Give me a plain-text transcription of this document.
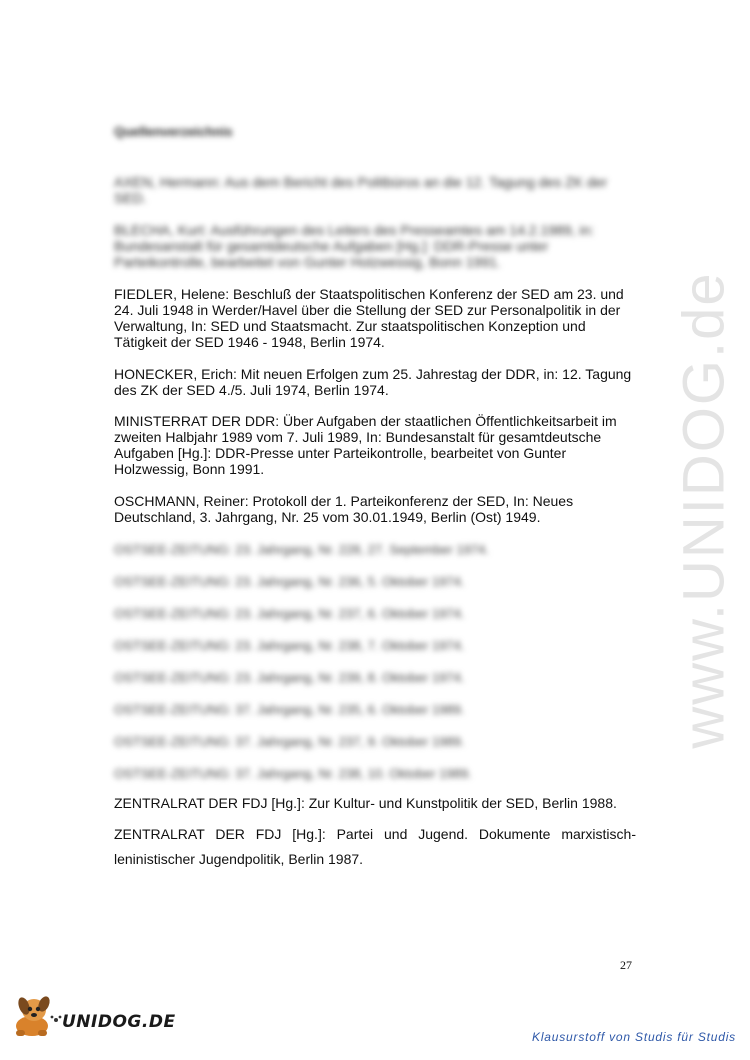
www.UNIDOG.de
Quellenverzeichnis

AXEN, Hermann: Aus dem Bericht des Politbüros an die 12. Tagung des ZK der SED.

BLECHA, Kurt: Ausführungen des Leiters des Presseamtes am 14.2.1989, in: Bundesanstalt für gesamtdeutsche Aufgaben [Hg.]: DDR-Presse unter Parteikontrolle, bearbeitet von Gunter Holzwessig, Bonn 1991.

FIEDLER, Helene: Beschluß der Staatspolitischen Konferenz der SED am 23. und 24. Juli 1948 in Werder/Havel über die Stellung der SED zur Personalpolitik in der Verwaltung, In: SED und Staatsmacht. Zur staatspolitischen Konzeption und Tätigkeit der SED 1946 - 1948, Berlin 1974.

HONECKER, Erich: Mit neuen Erfolgen zum 25. Jahrestag der DDR, in: 12. Tagung des ZK der SED 4./5. Juli 1974, Berlin 1974.

MINISTERRAT DER DDR: Über Aufgaben der staatlichen Öffentlichkeitsarbeit im zweiten Halbjahr 1989 vom 7. Juli 1989, In: Bundesanstalt für gesamtdeutsche Aufgaben [Hg.]: DDR-Presse unter Parteikontrolle, bearbeitet von Gunter Holzwessig, Bonn 1991.

OSCHMANN, Reiner: Protokoll der 1. Parteikonferenz der SED, In: Neues Deutschland, 3. Jahrgang, Nr. 25 vom 30.01.1949, Berlin (Ost) 1949.

OSTSEE-ZEITUNG: 23. Jahrgang, Nr. 228, 27. September 1974.
OSTSEE-ZEITUNG: 23. Jahrgang, Nr. 236, 5. Oktober 1974.
OSTSEE-ZEITUNG: 23. Jahrgang, Nr. 237, 6. Oktober 1974.
OSTSEE-ZEITUNG: 23. Jahrgang, Nr. 238, 7. Oktober 1974.
OSTSEE-ZEITUNG: 23. Jahrgang, Nr. 239, 8. Oktober 1974.
OSTSEE-ZEITUNG: 37. Jahrgang, Nr. 235, 6. Oktober 1989.
OSTSEE-ZEITUNG: 37. Jahrgang, Nr. 237, 9. Oktober 1989.
OSTSEE-ZEITUNG: 37. Jahrgang, Nr. 238, 10. Oktober 1989.

ZENTRALRAT DER FDJ [Hg.]: Zur Kultur- und Kunstpolitik der SED, Berlin 1988.

ZENTRALRAT DER FDJ [Hg.]: Partei und Jugend. Dokumente marxistisch-leninistischer Jugendpolitik, Berlin 1987.

27
UNIDOG.DE
Klausurstoff von Studis für Studis
